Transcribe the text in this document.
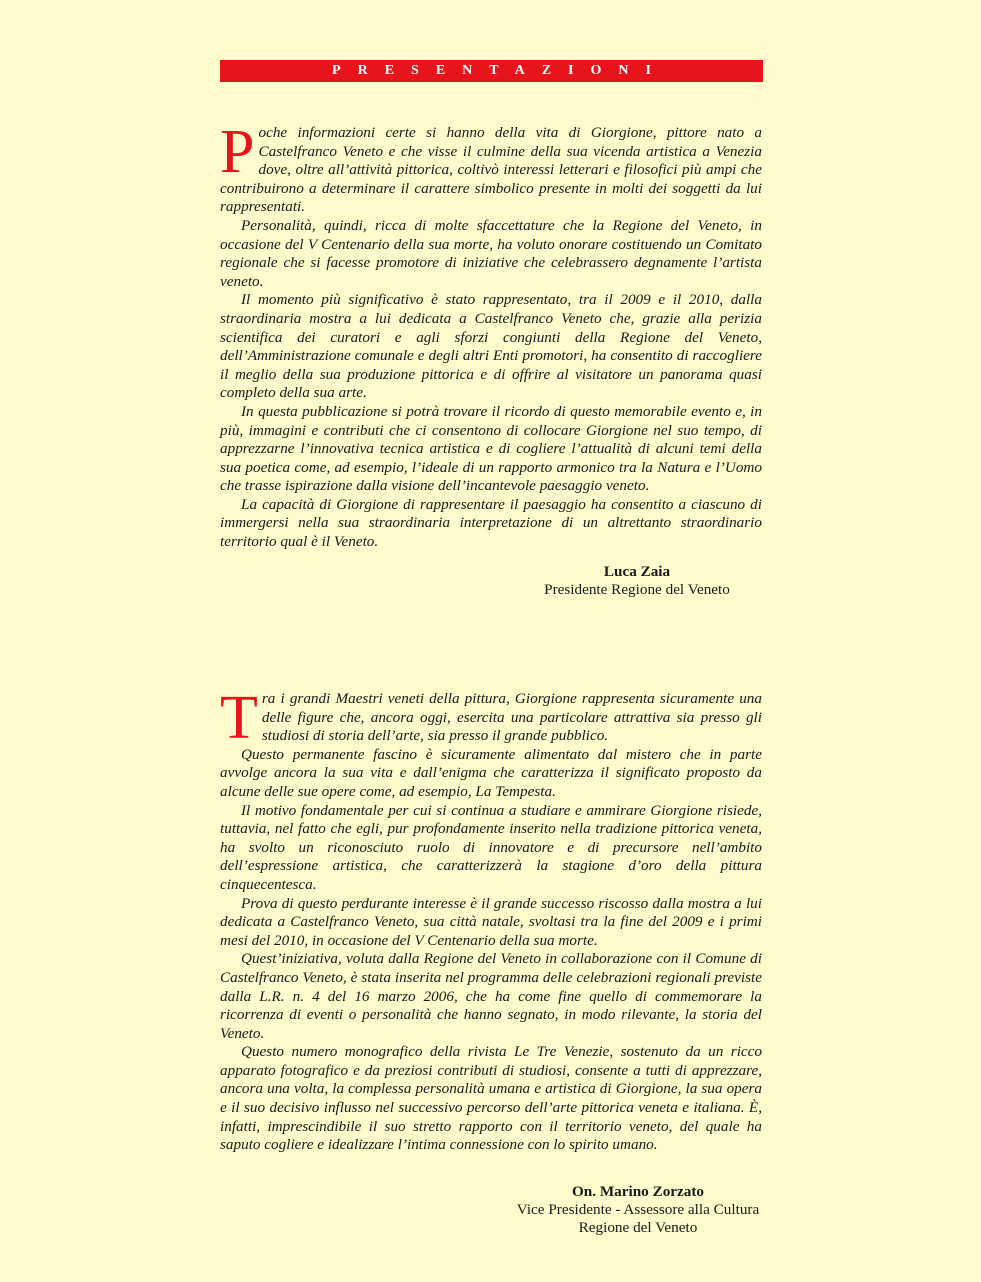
PRESENTAZIONI

Poche informazioni certe si hanno della vita di Giorgione, pittore nato a Castelfranco Veneto e che visse il culmine della sua vicenda artistica a Venezia dove, oltre all’attività pittorica, coltivò interessi letterari e filosofici più ampi che contribuirono a determinare il carattere simbolico presente in molti dei soggetti da lui rappresentati.

Personalità, quindi, ricca di molte sfaccettature che la Regione del Veneto, in occasione del V Centenario della sua morte, ha voluto onorare costituendo un Comitato regionale che si facesse promotore di iniziative che celebrassero degnamente l’artista veneto.

Il momento più significativo è stato rappresentato, tra il 2009 e il 2010, dalla straordinaria mostra a lui dedicata a Castelfranco Veneto che, grazie alla perizia scientifica dei curatori e agli sforzi congiunti della Regione del Veneto, dell’Amministrazione comunale e degli altri Enti promotori, ha consentito di raccogliere il meglio della sua produzione pittorica e di offrire al visitatore un panorama quasi completo della sua arte.

In questa pubblicazione si potrà trovare il ricordo di questo memorabile evento e, in più, immagini e contributi che ci consentono di collocare Giorgione nel suo tempo, di apprezzarne l’innovativa tecnica artistica e di cogliere l’attualità di alcuni temi della sua poetica come, ad esempio, l’ideale di un rapporto armonico tra la Natura e l’Uomo che trasse ispirazione dalla visione dell’incantevole paesaggio veneto.

La capacità di Giorgione di rappresentare il paesaggio ha consentito a ciascuno di immergersi nella sua straordinaria interpretazione di un altrettanto straordinario territorio qual è il Veneto.

Luca Zaia
Presidente Regione del Veneto

Tra i grandi Maestri veneti della pittura, Giorgione rappresenta sicuramente una delle figure che, ancora oggi, esercita una particolare attrattiva sia presso gli studiosi di storia dell’arte, sia presso il grande pubblico.

Questo permanente fascino è sicuramente alimentato dal mistero che in parte avvolge ancora la sua vita e dall’enigma che caratterizza il significato proposto da alcune delle sue opere come, ad esempio, La Tempesta.

Il motivo fondamentale per cui si continua a studiare e ammirare Giorgione risiede, tuttavia, nel fatto che egli, pur profondamente inserito nella tradizione pittorica veneta, ha svolto un riconosciuto ruolo di innovatore e di precursore nell’ambito dell’espressione artistica, che caratterizzerà la stagione d’oro della pittura cinquecentesca.

Prova di questo perdurante interesse è il grande successo riscosso dalla mostra a lui dedicata a Castelfranco Veneto, sua città natale, svoltasi tra la fine del 2009 e i primi mesi del 2010, in occasione del V Centenario della sua morte.

Quest’iniziativa, voluta dalla Regione del Veneto in collaborazione con il Comune di Castelfranco Veneto, è stata inserita nel programma delle celebrazioni regionali previste dalla L.R. n. 4 del 16 marzo 2006, che ha come fine quello di commemorare la ricorrenza di eventi o personalità che hanno segnato, in modo rilevante, la storia del Veneto.

Questo numero monografico della rivista Le Tre Venezie, sostenuto da un ricco apparato fotografico e da preziosi contributi di studiosi, consente a tutti di apprezzare, ancora una volta, la complessa personalità umana e artistica di Giorgione, la sua opera e il suo decisivo influsso nel successivo percorso dell’arte pittorica veneta e italiana. È, infatti, imprescindibile il suo stretto rapporto con il territorio veneto, del quale ha saputo cogliere e idealizzare l’intima connessione con lo spirito umano.

On. Marino Zorzato
Vice Presidente - Assessore alla Cultura
Regione del Veneto
